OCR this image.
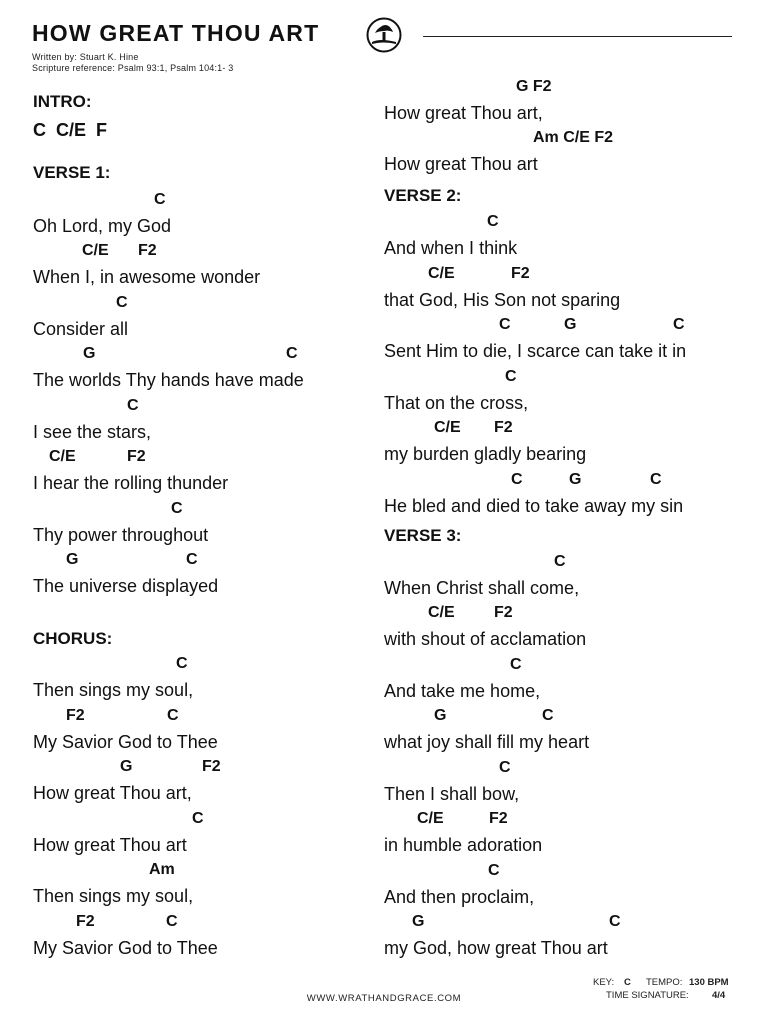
HOW GREAT THOU ART
Written by: Stuart K. Hine
Scripture reference: Psalm 93:1, Psalm 104:1- 3
INTRO:
C  C/E  F
VERSE 1:
C
Oh Lord, my God
C/E F2
When I, in awesome wonder
C
Consider all
G	C
The worlds Thy hands have made
C
I see the stars,
C/E	F2
I hear the rolling thunder
C
Thy power throughout
G	C
The universe displayed
CHORUS:
C
Then sings my soul,
F2	C
My Savior God to Thee
G	F2
How great Thou art,
C
How great Thou art
Am
Then sings my soul,
F2	C
My Savior God to Thee
G F2
How great Thou art,
Am C/E F2
How great Thou art
VERSE 2:
C
And when I think
C/E	F2
that God, His Son not sparing
C	G	C
Sent Him to die, I scarce can take it in
C
That on the cross,
C/E F2
my burden gladly bearing
C	G	C
He bled and died to take away my sin
VERSE 3:
C
When Christ shall come,
C/E F2
with shout of acclamation
C
And take me home,
G	C
what joy shall fill my heart
C
Then I shall bow,
C/E	F2
in humble adoration
C
And then proclaim,
G	C
my God, how great Thou art
WWW.WRATHANDGRACE.COM
KEY: C TEMPO: 130 BPM
TIME SIGNATURE: 4/4
